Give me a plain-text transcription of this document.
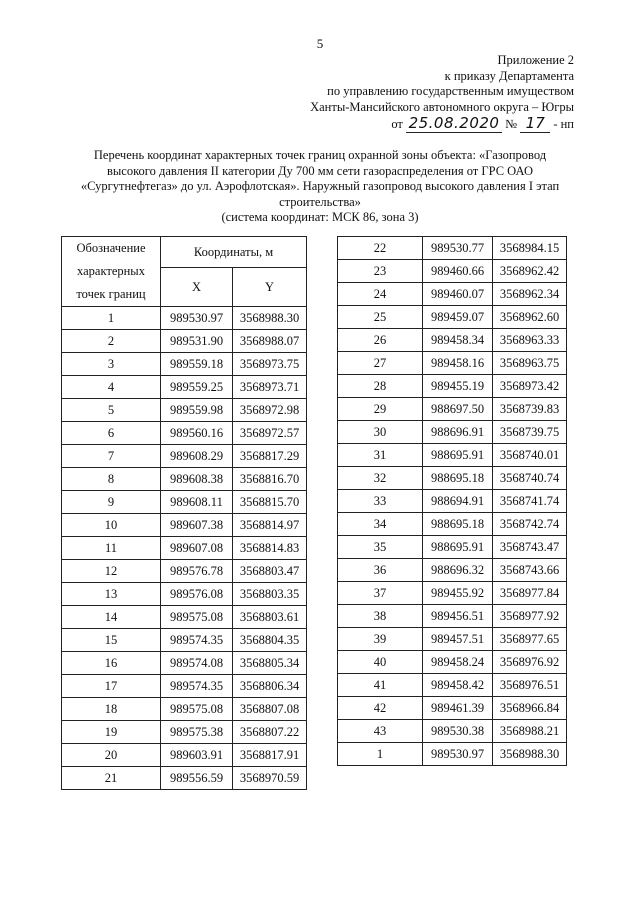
5
Приложение 2
к приказу Департамента
по управлению государственным имуществом
Ханты-Мансийского автономного округа – Югры
от 25.08.2020 № 17 - нп
Перечень координат характерных точек границ охранной зоны объекта: «Газопровод высокого давления II категории Ду 700 мм сети газораспределения от ГРС ОАО «Сургутнефтегаз» до ул. Аэрофлотская». Наружный газопровод высокого давления I этап строительства»
(система координат: МСК 86, зона 3)
Обозначение
характерных
точек границ	Координаты, м	
	X	Y
1	989530.97	3568988.30
2	989531.90	3568988.07
3	989559.18	3568973.75
4	989559.25	3568973.71
5	989559.98	3568972.98
6	989560.16	3568972.57
7	989608.29	3568817.29
8	989608.38	3568816.70
9	989608.11	3568815.70
10	989607.38	3568814.97
11	989607.08	3568814.83
12	989576.78	3568803.47
13	989576.08	3568803.35
14	989575.08	3568803.61
15	989574.35	3568804.35
16	989574.08	3568805.34
17	989574.35	3568806.34
18	989575.08	3568807.08
19	989575.38	3568807.22
20	989603.91	3568817.91
21	989556.59	3568970.59
22	989530.77	3568984.15
23	989460.66	3568962.42
24	989460.07	3568962.34
25	989459.07	3568962.60
26	989458.34	3568963.33
27	989458.16	3568963.75
28	989455.19	3568973.42
29	988697.50	3568739.83
30	988696.91	3568739.75
31	988695.91	3568740.01
32	988695.18	3568740.74
33	988694.91	3568741.74
34	988695.18	3568742.74
35	988695.91	3568743.47
36	988696.32	3568743.66
37	989455.92	3568977.84
38	989456.51	3568977.92
39	989457.51	3568977.65
40	989458.24	3568976.92
41	989458.42	3568976.51
42	989461.39	3568966.84
43	989530.38	3568988.21
1	989530.97	3568988.30
